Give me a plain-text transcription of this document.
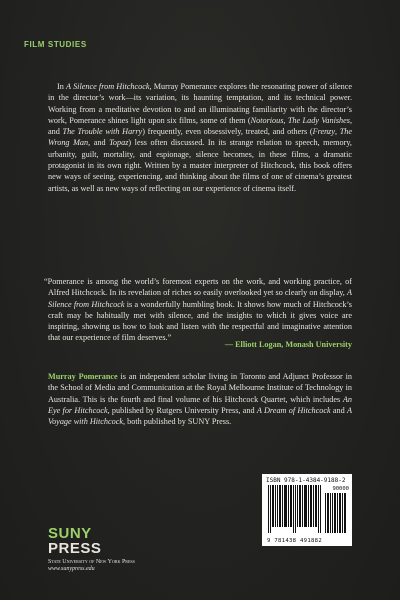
FILM STUDIES

In A Silence from Hitchcock, Murray Pomerance explores the resonating power of silence in the director’s work—its variation, its haunting temptation, and its technical power. Working from a meditative devotion to and an illuminating familiarity with the director’s work, Pomerance shines light upon six films, some of them (Notorious, The Lady Vanishes, and The Trouble with Harry) frequently, even obsessively, treated, and others (Frenzy, The Wrong Man, and Topaz) less often discussed. In its strange relation to speech, memory, urbanity, guilt, mortality, and espionage, silence becomes, in these films, a dramatic protagonist in its own right. Written by a master interpreter of Hitchcock, this book offers new ways of seeing, experiencing, and thinking about the films of one of cinema’s greatest artists, as well as new ways of reflecting on our experience of cinema itself.

“Pomerance is among the world’s foremost experts on the work, and working practice, of Alfred Hitchcock. In its revelation of riches so easily overlooked yet so clearly on display, A Silence from Hitchcock is a wonderfully humbling book. It shows how much of Hitchcock’s craft may be habitually met with silence, and the insights to which it gives voice are inspiring, showing us how to look and listen with the respectful and imaginative attention that our experience of film deserves.”

— Elliott Logan, Monash University

Murray Pomerance is an independent scholar living in Toronto and Adjunct Professor in the School of Media and Communication at the Royal Melbourne Institute of Technology in Australia. This is the fourth and final volume of his Hitchcock Quartet, which includes An Eye for Hitchcock, published by Rutgers University Press, and A Dream of Hitchcock and A Voyage with Hitchcock, both published by SUNY Press.

ISBN 978-1-4384-9188-2
90000
9 781438 491882
SUNY
PRESS
State University of New York Press
www.sunypress.edu
